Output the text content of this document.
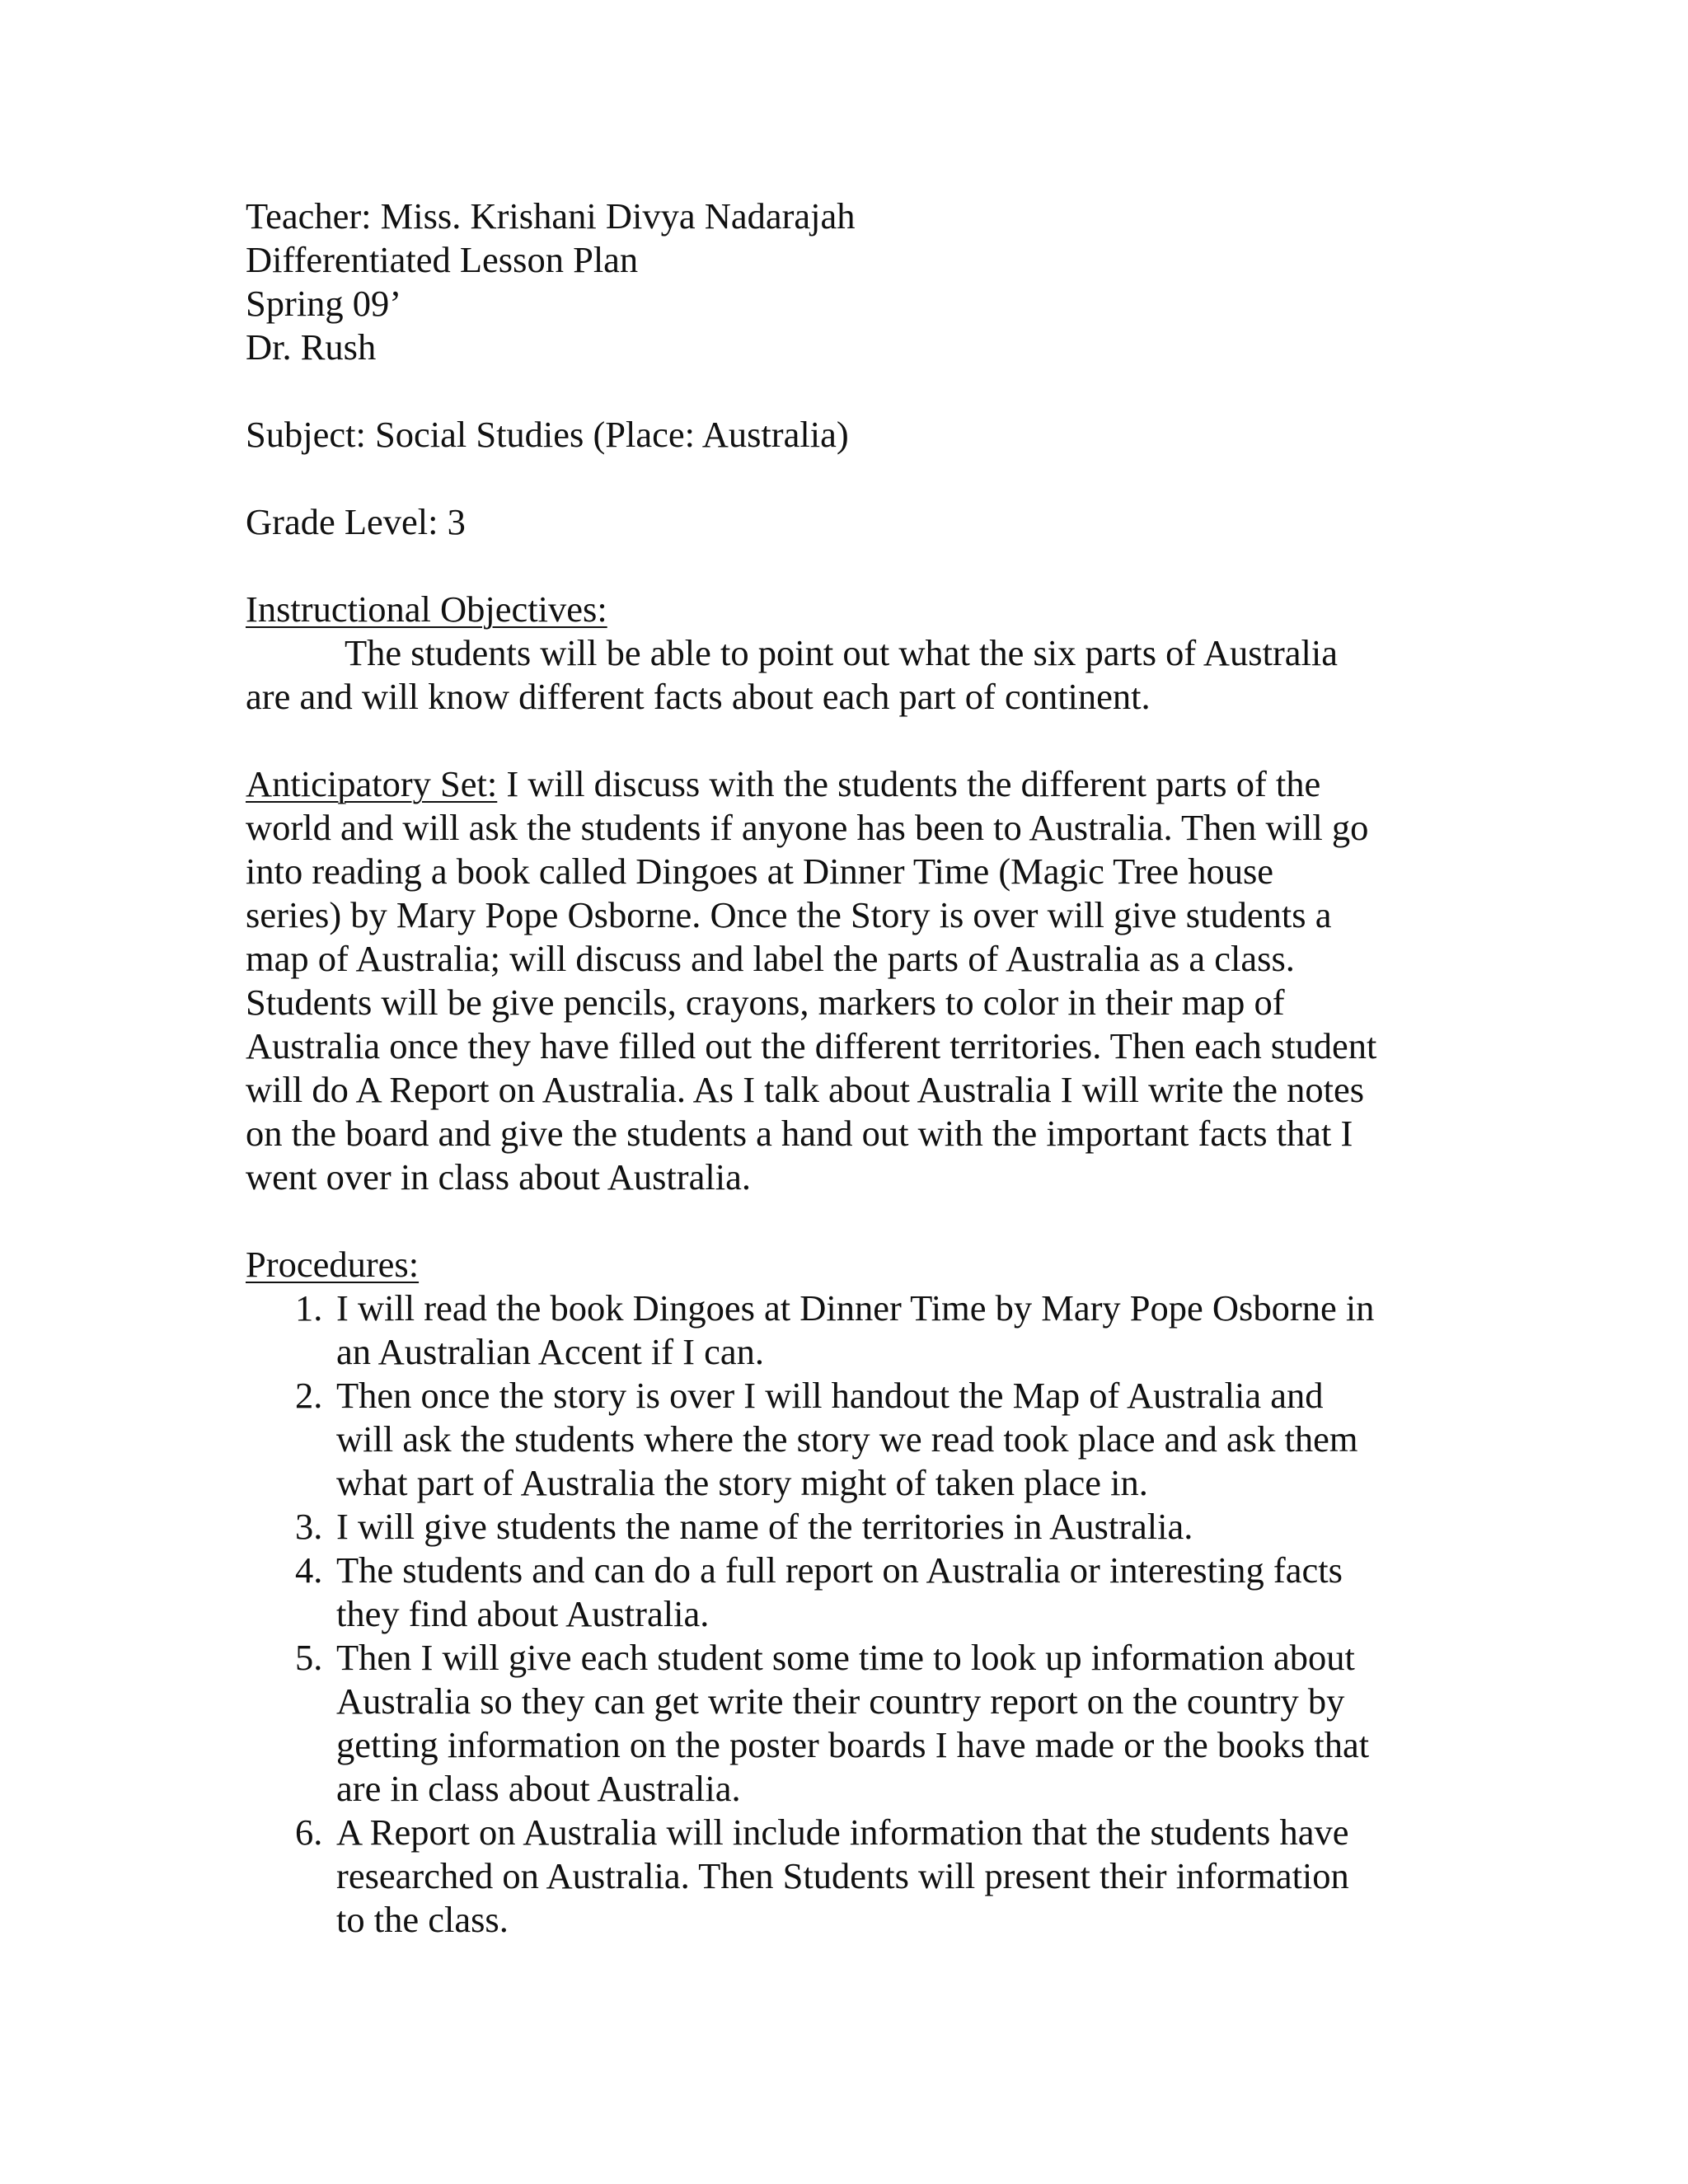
Teacher: Miss. Krishani Divya Nadarajah

Differentiated Lesson Plan

Spring 09’

Dr. Rush

Subject: Social Studies (Place: Australia)

Grade Level: 3

Instructional Objectives:

The students will be able to point out what the six parts of Australia
are and will know different facts about each part of continent.
Anticipatory Set: I will discuss with the students the different parts of the
world and will ask the students if anyone has been to Australia. Then will go
into reading a book called Dingoes at Dinner Time (Magic Tree house
series) by Mary Pope Osborne. Once the Story is over will give students a
map of Australia; will discuss and label the parts of Australia as a class.
Students will be give pencils, crayons, markers to color in their map of
Australia once they have filled out the different territories. Then each student
will do A Report on Australia. As I talk about Australia I will write the notes
on the board and give the students a hand out with the important facts that I
went over in class about Australia.

Procedures:

1. I will read the book Dingoes at Dinner Time by Mary Pope Osborne in
an Australian Accent if I can.
2. Then once the story is over I will handout the Map of Australia and
will ask the students where the story we read took place and ask them
what part of Australia the story might of taken place in.
3. I will give students the name of the territories in Australia.
4. The students and can do a full report on Australia or interesting facts
they find about Australia.
5. Then I will give each student some time to look up information about
Australia so they can get write their country report on the country by
getting information on the poster boards I have made or the books that
are in class about Australia.
6. A Report on Australia will include information that the students have
researched on Australia. Then Students will present their information
to the class.
